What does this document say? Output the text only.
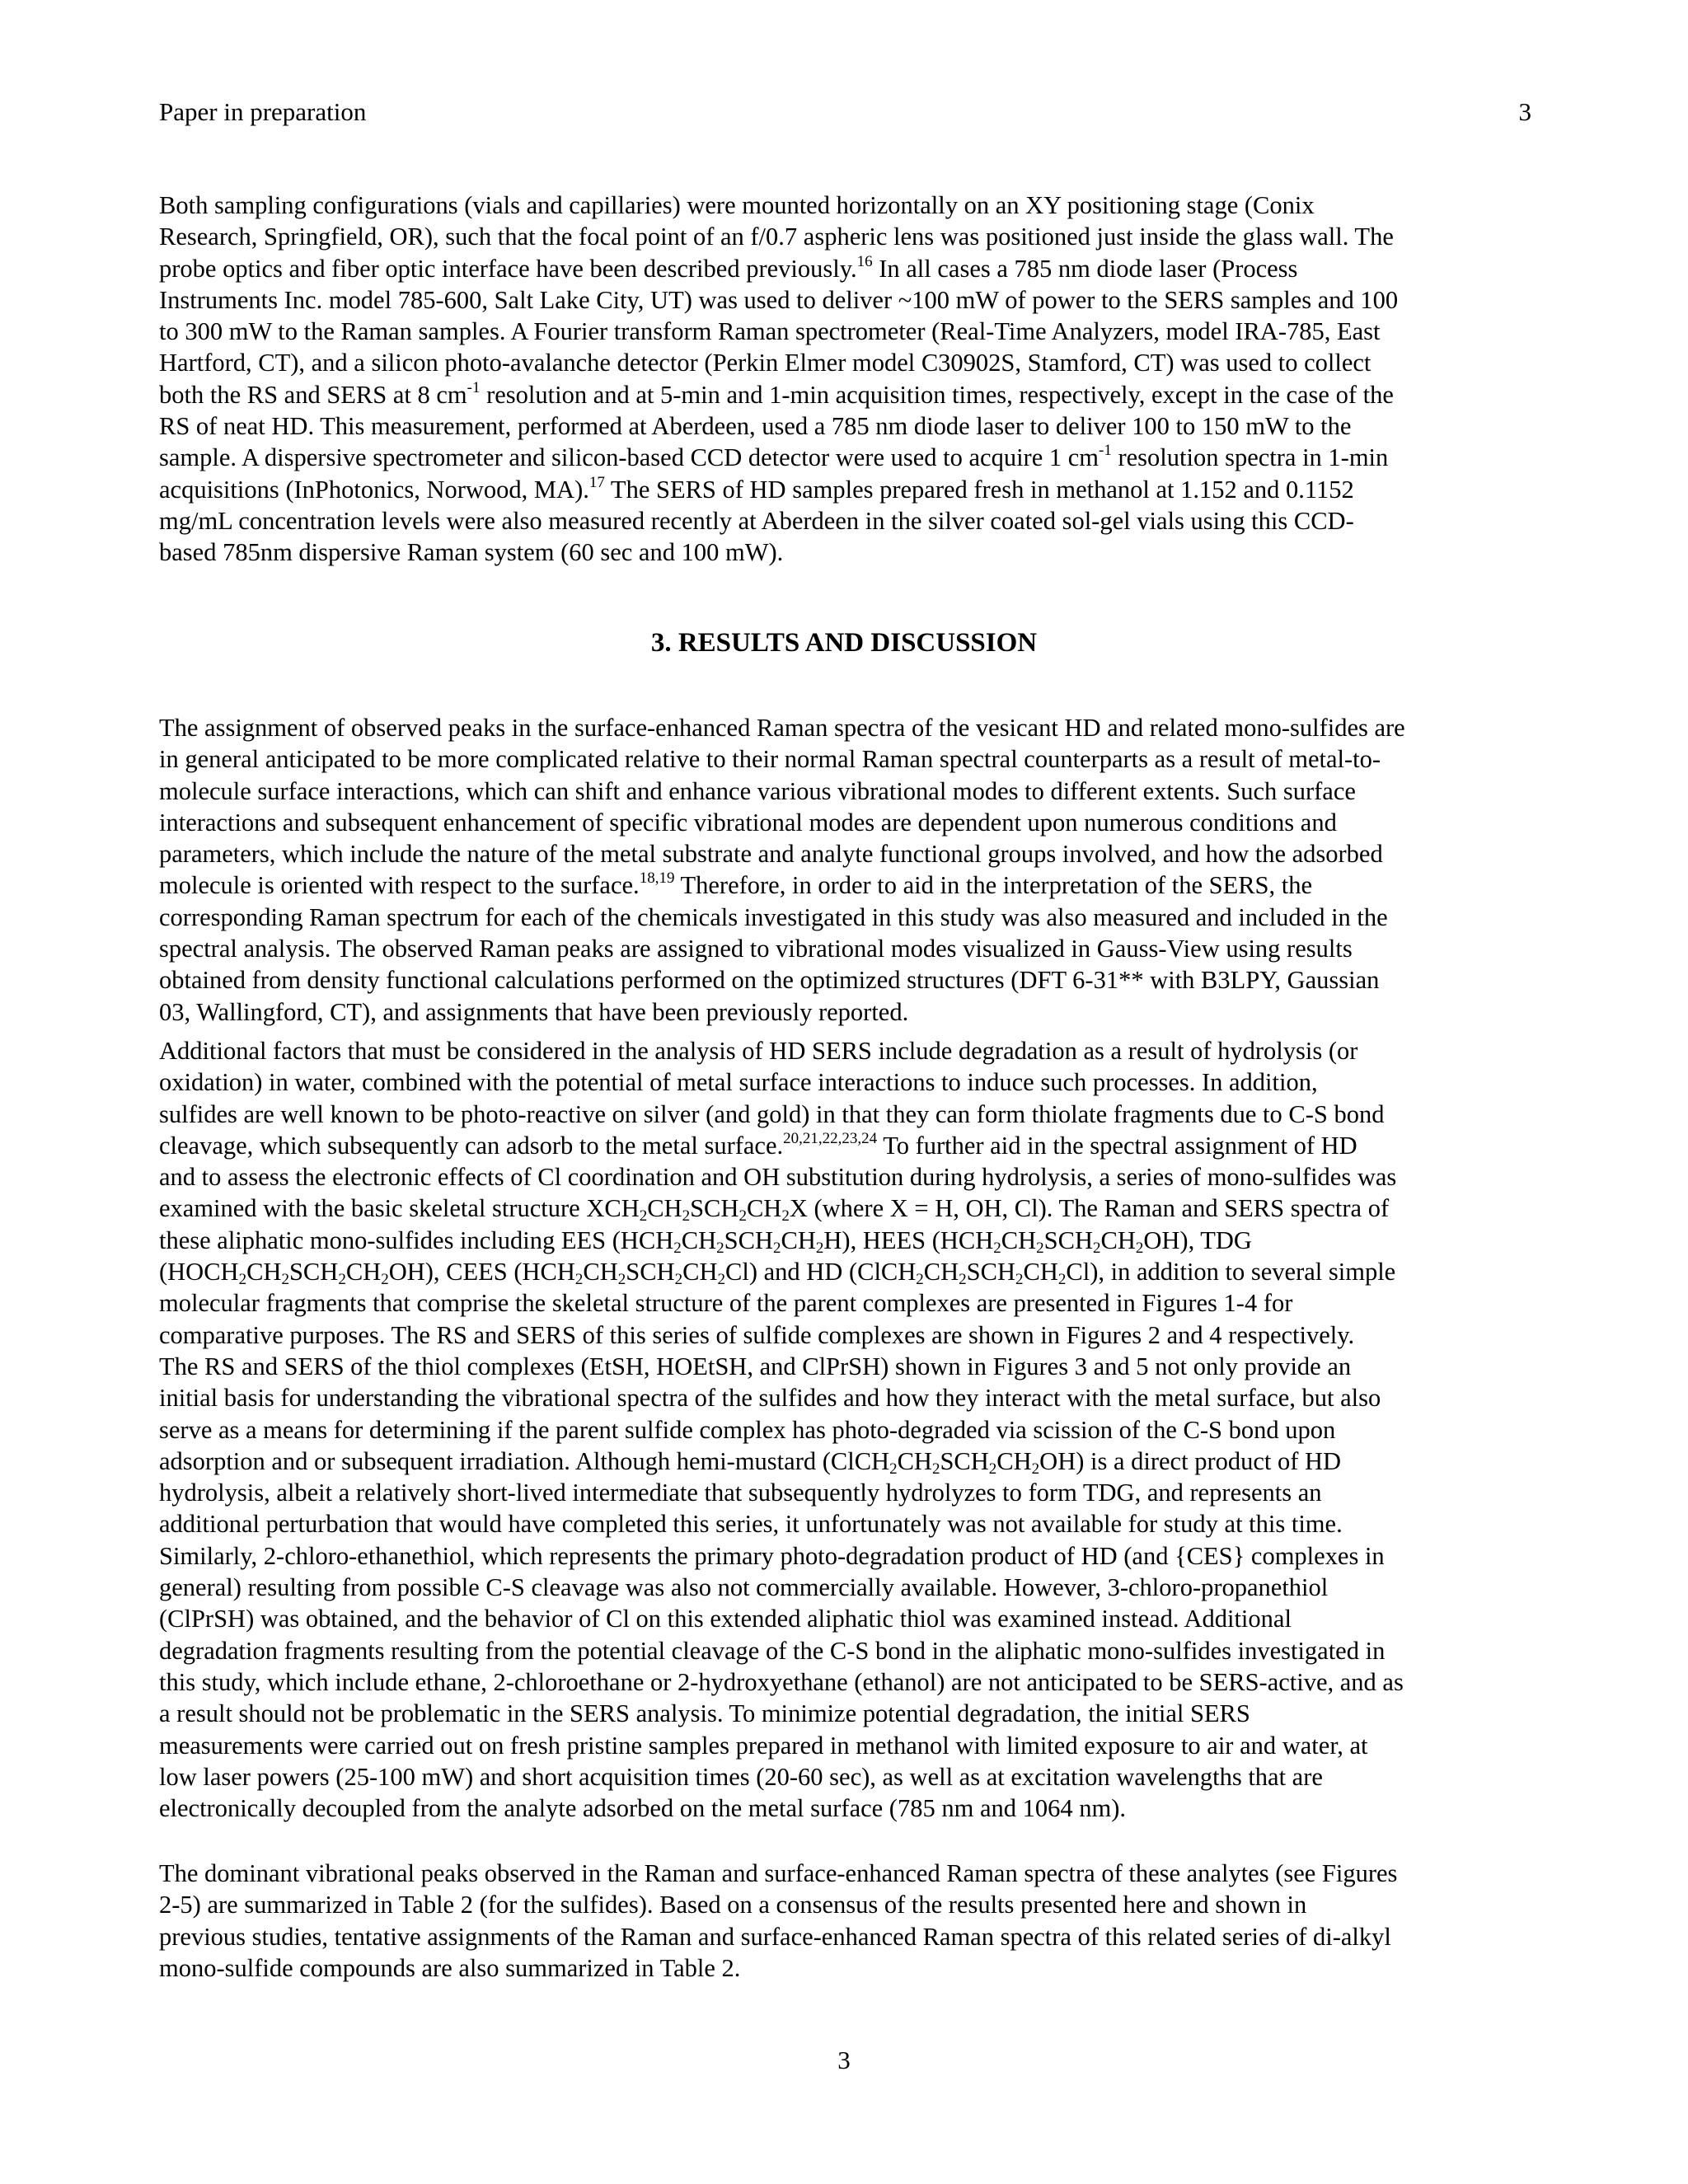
Paper in preparation	3
Both sampling configurations (vials and capillaries) were mounted horizontally on an XY positioning stage (Conix
Research, Springfield, OR), such that the focal point of an f/0.7 aspheric lens was positioned just inside the glass wall. The
probe optics and fiber optic interface have been described previously.$^{16}$ In all cases a 785 nm diode laser (Process
Instruments Inc. model 785-600, Salt Lake City, UT) was used to deliver ~100 mW of power to the SERS samples and 100
to 300 mW to the Raman samples. A Fourier transform Raman spectrometer (Real-Time Analyzers, model IRA-785, East
Hartford, CT), and a silicon photo-avalanche detector (Perkin Elmer model C30902S, Stamford, CT) was used to collect
both the RS and SERS at 8 $cm^{-1}$ resolution and at 5-min and 1-min acquisition times, respectively, except in the case of the
RS of neat HD. This measurement, performed at Aberdeen, used a 785 nm diode laser to deliver 100 to 150 mW to the
sample. A dispersive spectrometer and silicon-based CCD detector were used to acquire 1 $cm^{-1}$ resolution spectra in 1-min
acquisitions (InPhotonics, Norwood, MA).$^{17}$ The SERS of HD samples prepared fresh in methanol at 1.152 and 0.1152
mg/mL concentration levels were also measured recently at Aberdeen in the silver coated sol-gel vials using this CCD-
based 785nm dispersive Raman system (60 sec and 100 mW).
3. RESULTS AND DISCUSSION
The assignment of observed peaks in the surface-enhanced Raman spectra of the vesicant HD and related mono-sulfides are
in general anticipated to be more complicated relative to their normal Raman spectral counterparts as a result of metal-to-
molecule surface interactions, which can shift and enhance various vibrational modes to different extents. Such surface
interactions and subsequent enhancement of specific vibrational modes are dependent upon numerous conditions and
parameters, which include the nature of the metal substrate and analyte functional groups involved, and how the adsorbed
molecule is oriented with respect to the surface.$^{18,19}$ Therefore, in order to aid in the interpretation of the SERS, the
corresponding Raman spectrum for each of the chemicals investigated in this study was also measured and included in the
spectral analysis. The observed Raman peaks are assigned to vibrational modes visualized in Gauss-View using results
obtained from density functional calculations performed on the optimized structures (DFT 6-31** with B3LPY, Gaussian
03, Wallingford, CT), and assignments that have been previously reported.
Additional factors that must be considered in the analysis of HD SERS include degradation as a result of hydrolysis (or
oxidation) in water, combined with the potential of metal surface interactions to induce such processes. In addition,
sulfides are well known to be photo-reactive on silver (and gold) in that they can form thiolate fragments due to C-S bond
cleavage, which subsequently can adsorb to the metal surface.$^{20,21,22,23,24}$ To further aid in the spectral assignment of HD
and to assess the electronic effects of Cl coordination and OH substitution during hydrolysis, a series of mono-sulfides was
examined with the basic skeletal structure $XCH_2CH_2SCH_2CH_2X$ (where X = H, OH, Cl). The Raman and SERS spectra of
these aliphatic mono-sulfides including EES $(HCH_2CH_2SCH_2CH_2H)$, HEES $(HCH_2CH_2SCH_2CH_2OH)$, TDG
$(HOCH_2CH_2SCH_2CH_2OH)$, CEES $(HCH_2CH_2SCH_2CH_2Cl)$ and HD $(ClCH_2CH_2SCH_2CH_2Cl)$, in addition to several simple
molecular fragments that comprise the skeletal structure of the parent complexes are presented in Figures 1-4 for
comparative purposes. The RS and SERS of this series of sulfide complexes are shown in Figures 2 and 4 respectively.
The RS and SERS of the thiol complexes (EtSH, HOEtSH, and ClPrSH) shown in Figures 3 and 5 not only provide an
initial basis for understanding the vibrational spectra of the sulfides and how they interact with the metal surface, but also
serve as a means for determining if the parent sulfide complex has photo-degraded via scission of the C-S bond upon
adsorption and or subsequent irradiation. Although hemi-mustard $(ClCH_2CH_2SCH_2CH_2OH)$ is a direct product of HD
hydrolysis, albeit a relatively short-lived intermediate that subsequently hydrolyzes to form TDG, and represents an
additional perturbation that would have completed this series, it unfortunately was not available for study at this time.
Similarly, 2-chloro-ethanethiol, which represents the primary photo-degradation product of HD (and {CES} complexes in
general) resulting from possible C-S cleavage was also not commercially available. However, 3-chloro-propanethiol
(ClPrSH) was obtained, and the behavior of Cl on this extended aliphatic thiol was examined instead. Additional
degradation fragments resulting from the potential cleavage of the C-S bond in the aliphatic mono-sulfides investigated in
this study, which include ethane, 2-chloroethane or 2-hydroxyethane (ethanol) are not anticipated to be SERS-active, and as
a result should not be problematic in the SERS analysis. To minimize potential degradation, the initial SERS
measurements were carried out on fresh pristine samples prepared in methanol with limited exposure to air and water, at
low laser powers (25-100 mW) and short acquisition times (20-60 sec), as well as at excitation wavelengths that are
electronically decoupled from the analyte adsorbed on the metal surface (785 nm and 1064 nm).
The dominant vibrational peaks observed in the Raman and surface-enhanced Raman spectra of these analytes (see Figures
2-5) are summarized in Table 2 (for the sulfides). Based on a consensus of the results presented here and shown in
previous studies, tentative assignments of the Raman and surface-enhanced Raman spectra of this related series of di-alkyl
mono-sulfide compounds are also summarized in Table 2.
3
